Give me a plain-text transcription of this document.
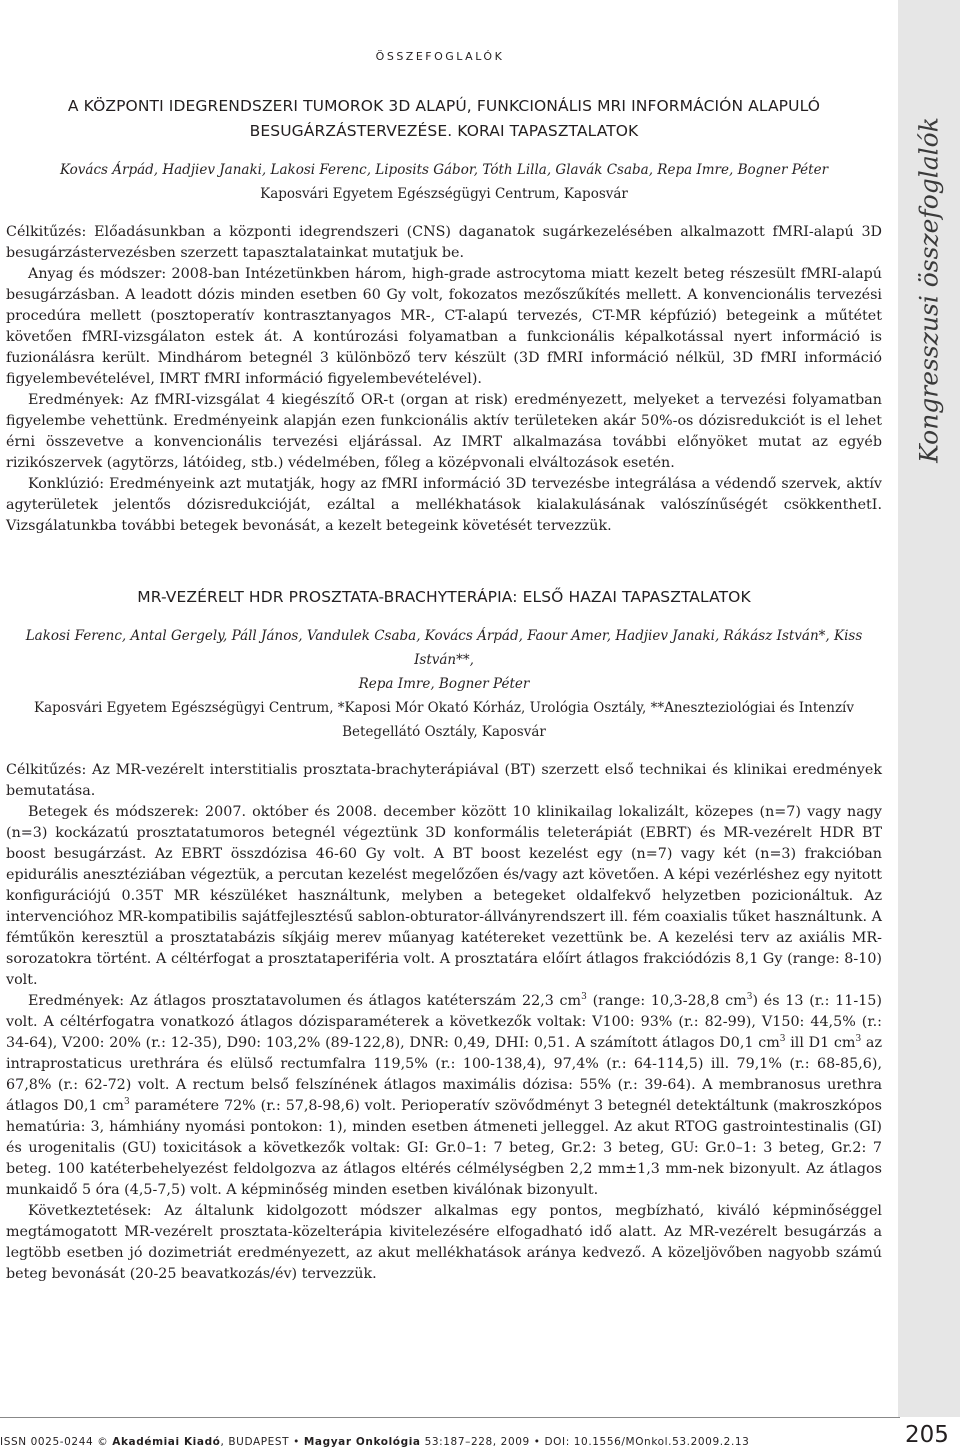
Kongresszusi összefoglalók
ÖSSZEFOGLALÓK
A KÖZPONTI IDEGRENDSZERI TUMOROK 3D ALAPÚ, FUNKCIONÁLIS MRI INFORMÁCIÓN ALAPULÓ
BESUGÁRZÁSTERVEZÉSE. KORAI TAPASZTALATOK

Kovács Árpád, Hadjiev Janaki, Lakosi Ferenc, Liposits Gábor, Tóth Lilla, Glavák Csaba, Repa Imre, Bogner Péter

Kaposvári Egyetem Egészségügyi Centrum, Kaposvár

Célkitűzés: Előadásunkban a központi idegrendszeri (CNS) daganatok sugárkezelésében alkalmazott fMRI-alapú 3D besugárzástervezésben szerzett tapasztalatainkat mutatjuk be.

Anyag és módszer: 2008-ban Intézetünkben három, high-grade astrocytoma miatt kezelt beteg részesült fMRI-alapú besugárzásban. A leadott dózis minden esetben 60 Gy volt, fokozatos mezőszűkítés mellett. A konvencionális tervezési procedúra mellett (posztoperatív kontrasztanyagos MR-, CT-alapú tervezés, CT-MR képfúzió) betegeink a műtétet követően fMRI-vizsgálaton estek át. A kontúrozási folyamatban a funkcionális képalkotással nyert információ is fuzionálásra került. Mindhárom betegnél 3 különböző terv készült (3D fMRI információ nélkül, 3D fMRI információ figyelembevételével, IMRT fMRI információ figyelembevételével).

Eredmények: Az fMRI-vizsgálat 4 kiegészítő OR-t (organ at risk) eredményezett, melyeket a tervezési folyamatban figyelembe vehettünk. Eredményeink alapján ezen funkcionális aktív területeken akár 50%-os dózisredukciót is el lehet érni összevetve a konvencionális tervezési eljárással. Az IMRT alkalmazása további előnyöket mutat az egyéb rizikószervek (agytörzs, látóideg, stb.) védelmében, főleg a középvonali elváltozások esetén.

Konklúzió: Eredményeink azt mutatják, hogy az fMRI információ 3D tervezésbe integrálása a védendő szervek, aktív agyterületek jelentős dózisredukcióját, ezáltal a mellékhatások kialakulásának valószínűségét csökkenthetI. Vizsgálatunkba további betegek bevonását, a kezelt betegeink követését tervezzük.

MR-VEZÉRELT HDR PROSZTATA-BRACHYTERÁPIA: ELSŐ HAZAI TAPASZTALATOK
Lakosi Ferenc, Antal Gergely, Páll János, Vandulek Csaba, Kovács Árpád, Faour Amer, Hadjiev Janaki, Rákász István*, Kiss István**,
Repa Imre, Bogner Péter
Kaposvári Egyetem Egészségügyi Centrum, *Kaposi Mór Okató Kórház, Urológia Osztály, **Aneszteziológiai és Intenzív
Betegellátó Osztály, Kaposvár

Célkitűzés: Az MR-vezérelt interstitialis prosztata-brachyterápiával (BT) szerzett első technikai és klinikai eredmények bemutatása.

Betegek és módszerek: 2007. október és 2008. december között 10 klinikailag lokalizált, közepes (n=7) vagy nagy (n=3) kockázatú prosztatatumoros betegnél végeztünk 3D konformális teleterápiát (EBRT) és MR-vezérelt HDR BT boost besugárzást. Az EBRT összdózisa 46-60 Gy volt. A BT boost kezelést egy (n=7) vagy két (n=3) frakcióban epidurális anesztéziában végeztük, a percutan kezelést megelőzően és/vagy azt követően. A képi vezérléshez egy nyitott konfigurációjú 0.35T MR készüléket használtunk, melyben a betegeket oldalfekvő helyzetben pozicionáltuk. Az intervencióhoz MR-kompatibilis sajátfejlesztésű sablon-obturator-állványrendszert ill. fém coaxialis tűket használtunk. A fémtűkön keresztül a prosztatabázis síkjáig merev műanyag katétereket vezettünk be. A kezelési terv az axiális MR-sorozatokra történt. A céltérfogat a prosztataperiféria volt. A prosztatára előírt átlagos frakciódózis 8,1 Gy (range: 8-10) volt.

Eredmények: Az átlagos prosztatavolumen és átlagos katéterszám 22,3 $cm^3$ (range: 10,3-28,8 $cm^3$) és 13 (r.: 11-15) volt. A céltérfogatra vonatkozó átlagos dózisparaméterek a következők voltak: V100: 93% (r.: 82-99), V150: 44,5% (r.: 34-64), V200: 20% (r.: 12-35), D90: 103,2% (89-122,8), DNR: 0,49, DHI: 0,51. A számított átlagos D0,1 $cm^3$ ill D1 $cm^3$ az intraprostaticus urethrára és elülső rectumfalra 119,5% (r.: 100-138,4), 97,4% (r.: 64-114,5) ill. 79,1% (r.: 68-85,6), 67,8% (r.: 62-72) volt. A rectum belső felszínének átlagos maximális dózisa: 55% (r.: 39-64). A membranosus urethra átlagos D0,1 $cm^3$ paramétere 72% (r.: 57,8-98,6) volt. Perioperatív szövődményt 3 betegnél detektáltunk (makroszkópos hematúria: 3, hámhiány nyomási pontokon: 1), minden esetben átmeneti jelleggel. Az akut RTOG gastrointestinalis (GI) és urogenitalis (GU) toxicitások a következők voltak: GI: Gr.0–1: 7 beteg, Gr.2: 3 beteg, GU: Gr.0–1: 3 beteg, Gr.2: 7 beteg. 100 katéterbehelyezést feldolgozva az átlagos eltérés célmélységben 2,2 mm±1,3 mm-nek bizonyult. Az átlagos munkaidő 5 óra (4,5-7,5) volt. A képminőség minden esetben kiválónak bizonyult.

Következtetések: Az általunk kidolgozott módszer alkalmas egy pontos, megbízható, kiváló képminőséggel megtámogatott MR-vezérelt prosztata-közelterápia kivitelezésére elfogadható idő alatt. Az MR-vezérelt besugárzás a legtöbb esetben jó dozimetriát eredményezett, az akut mellékhatások aránya kedvező. A közeljövőben nagyobb számú beteg bevonását (20-25 beavatkozás/év) tervezzük.

ISSN 0025-0244 © Akadémiai Kiadó, BUDAPEST • Magyar Onkológia 53:187–228, 2009 • DOI: 10.1556/MOnkol.53.2009.2.13	205
